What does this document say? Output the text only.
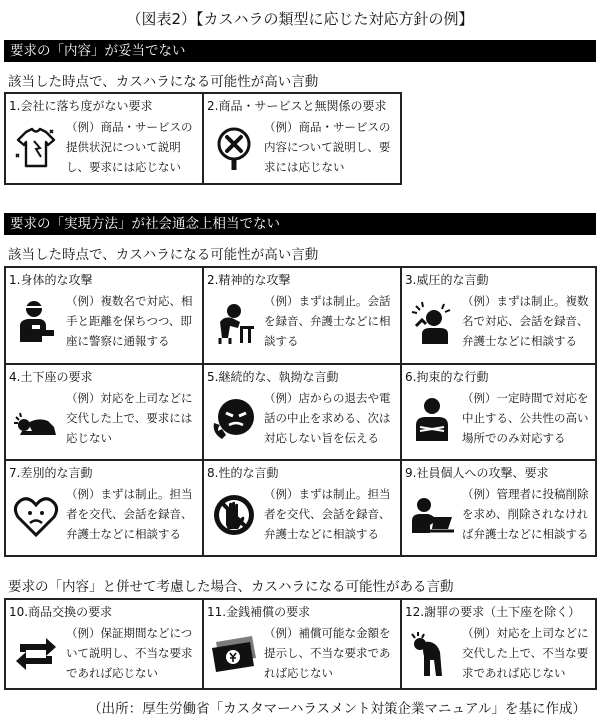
（図表2）【カスハラの類型に応じた対応方針の例】
要求の「内容」が妥当でない
該当した時点で、カスハラになる可能性が高い言動
1.会社に落ち度がない要求
（例）商品・サービスの提供状況について説明し、要求には応じない
2.商品・サービスと無関係の要求
（例）商品・サービスの内容について説明し、要求には応じない
要求の「実現方法」が社会通念上相当でない
該当した時点で、カスハラになる可能性が高い言動
1.身体的な攻撃
（例）複数名で対応、相手と距離を保ちつつ、即座に警察に通報する
2.精神的な攻撃
（例）まずは制止。会話を録音、弁護士などに相談する
3.威圧的な言動
（例）まずは制止。複数名で対応、会話を録音、弁護士などに相談する
4.土下座の要求
（例）対応を上司などに交代した上で、要求には応じない
5.継続的な、執拗な言動
（例）店からの退去や電話の中止を求める、次は対応しない旨を伝える
6.拘束的な行動
（例）一定時間で対応を中止する、公共性の高い場所でのみ対応する
7.差別的な言動
（例）まずは制止。担当者を交代、会話を録音、弁護士などに相談する
8.性的な言動
（例）まずは制止。担当者を交代、会話を録音、弁護士などに相談する
9.社員個人への攻撃、要求
（例）管理者に投稿削除を求め、削除されなければ弁護士などに相談する
要求の「内容」と併せて考慮した場合、カスハラになる可能性がある言動
10.商品交換の要求
（例）保証期間などについて説明し、不当な要求であれば応じない
11.金銭補償の要求
（例）補償可能な金額を提示し、不当な要求であれば応じない
12.謝罪の要求（土下座を除く）
（例）対応を上司などに交代した上で、不当な要求であれば応じない
（出所：厚生労働省「カスタマーハラスメント対策企業マニュアル」を基に作成）
